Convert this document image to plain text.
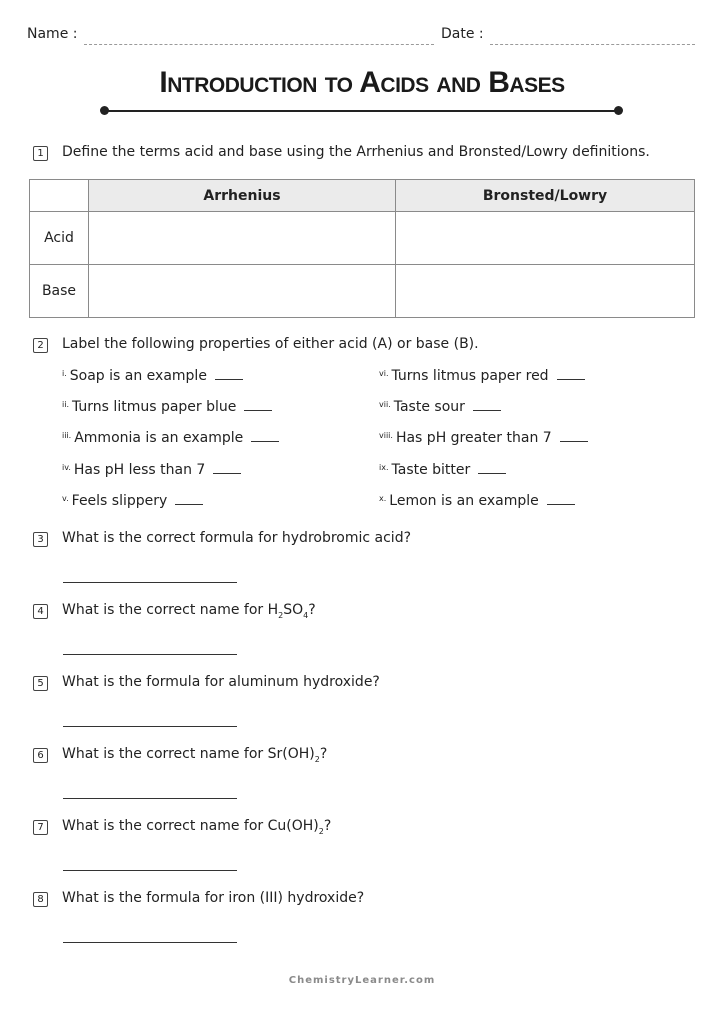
Name :	Date :
Introduction to Acids and Bases
1	Define the terms acid and base using the Arrhenius and Bronsted/Lowry definitions.
	Arrhenius	Bronsted/Lowry
Acid		
Base		
2	Label the following properties of either acid (A) or base (B).
$^{i.}$ Soap is an example
$^{ii.}$ Turns litmus paper blue
$^{iii.}$ Ammonia is an example
$^{iv.}$ Has pH less than 7
$^{v.}$ Feels slippery
$^{vi.}$ Turns litmus paper red
$^{vii.}$ Taste sour
$^{viii.}$ Has pH greater than 7
$^{ix.}$ Taste bitter
$^{x.}$ Lemon is an example
3	What is the correct formula for hydrobromic acid?
4	What is the correct name for $H_2SO_4$?
5	What is the formula for aluminum hydroxide?
6	What is the correct name for $Sr(OH)_2$?
7	What is the correct name for $Cu(OH)_2$?
8	What is the formula for iron (III) hydroxide?
ChemistryLearner.com
